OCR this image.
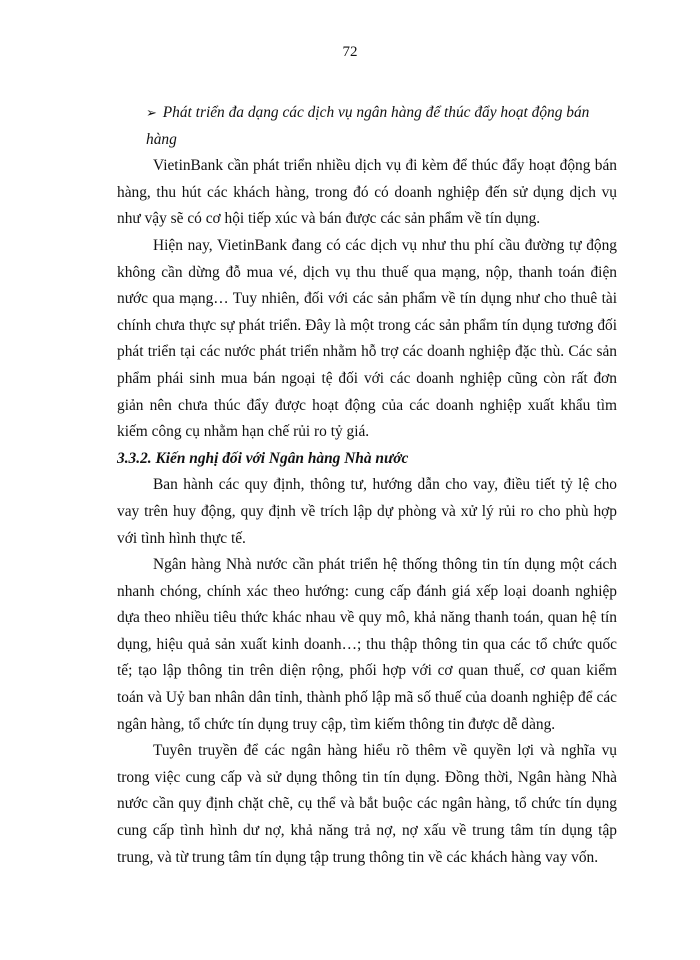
72
➢ Phát triển đa dạng các dịch vụ ngân hàng để thúc đẩy hoạt động bán hàng

VietinBank cần phát triển nhiều dịch vụ đi kèm để thúc đẩy hoạt động bán hàng, thu hút các khách hàng, trong đó có doanh nghiệp đến sử dụng dịch vụ như vậy sẽ có cơ hội tiếp xúc và bán được các sản phẩm về tín dụng.

Hiện nay, VietinBank đang có các dịch vụ như thu phí cầu đường tự động không cần dừng đỗ mua vé, dịch vụ thu thuế qua mạng, nộp, thanh toán điện nước qua mạng… Tuy nhiên, đối với các sản phẩm về tín dụng như cho thuê tài chính chưa thực sự phát triển. Đây là một trong các sản phẩm tín dụng tương đối phát triển tại các nước phát triển nhằm hỗ trợ các doanh nghiệp đặc thù. Các sản phẩm phái sinh mua bán ngoại tệ đối với các doanh nghiệp cũng còn rất đơn giản nên chưa thúc đẩy được hoạt động của các doanh nghiệp xuất khẩu tìm kiếm công cụ nhằm hạn chế rủi ro tỷ giá.

3.3.2. Kiến nghị đối với Ngân hàng Nhà nước

Ban hành các quy định, thông tư, hướng dẫn cho vay, điều tiết tỷ lệ cho vay trên huy động, quy định về trích lập dự phòng và xử lý rủi ro cho phù hợp với tình hình thực tế.

Ngân hàng Nhà nước cần phát triển hệ thống thông tin tín dụng một cách nhanh chóng, chính xác theo hướng: cung cấp đánh giá xếp loại doanh nghiệp dựa theo nhiều tiêu thức khác nhau về quy mô, khả năng thanh toán, quan hệ tín dụng, hiệu quả sản xuất kinh doanh…; thu thập thông tin qua các tổ chức quốc tế; tạo lập thông tin trên diện rộng, phối hợp với cơ quan thuế, cơ quan kiểm toán và Uỷ ban nhân dân tỉnh, thành phố lập mã số thuế của doanh nghiệp để các ngân hàng, tổ chức tín dụng truy cập, tìm kiếm thông tin được dễ dàng.

Tuyên truyền để các ngân hàng hiểu rõ thêm về quyền lợi và nghĩa vụ trong việc cung cấp và sử dụng thông tin tín dụng. Đồng thời, Ngân hàng Nhà nước cần quy định chặt chẽ, cụ thể và bắt buộc các ngân hàng, tổ chức tín dụng cung cấp tình hình dư nợ, khả năng trả nợ, nợ xấu về trung tâm tín dụng tập trung, và từ trung tâm tín dụng tập trung thông tin về các khách hàng vay vốn.
